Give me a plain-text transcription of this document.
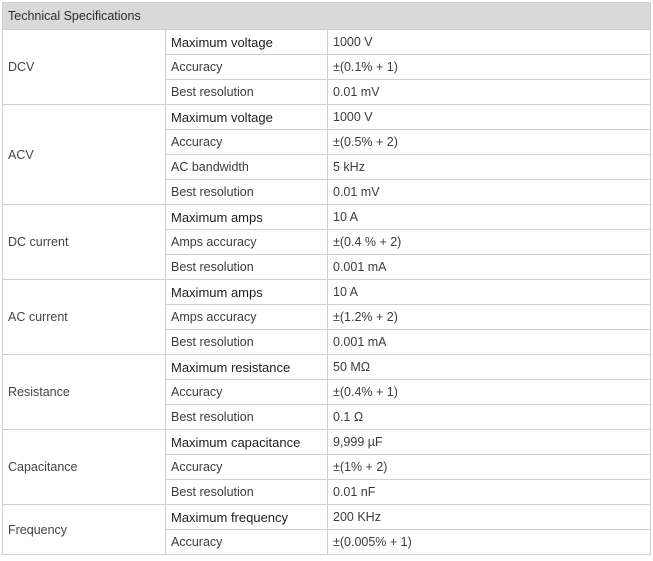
Technical Specifications		
DCV	Maximum voltage	1000 V
	Accuracy	±(0.1% + 1)
	Best resolution	0.01 mV
ACV	Maximum voltage	1000 V
	Accuracy	±(0.5% + 2)
	AC bandwidth	5 kHz
	Best resolution	0.01 mV
DC current	Maximum amps	10 A
	Amps accuracy	±(0.4 % + 2)
	Best resolution	0.001 mA
AC current	Maximum amps	10 A
	Amps accuracy	±(1.2% + 2)
	Best resolution	0.001 mA
Resistance	Maximum resistance	50 MΩ
	Accuracy	±(0.4% + 1)
	Best resolution	0.1 Ω
Capacitance	Maximum capacitance	9,999 µF
	Accuracy	±(1% + 2)
	Best resolution	0.01 nF
Frequency	Maximum frequency	200 KHz
	Accuracy	±(0.005% + 1)
